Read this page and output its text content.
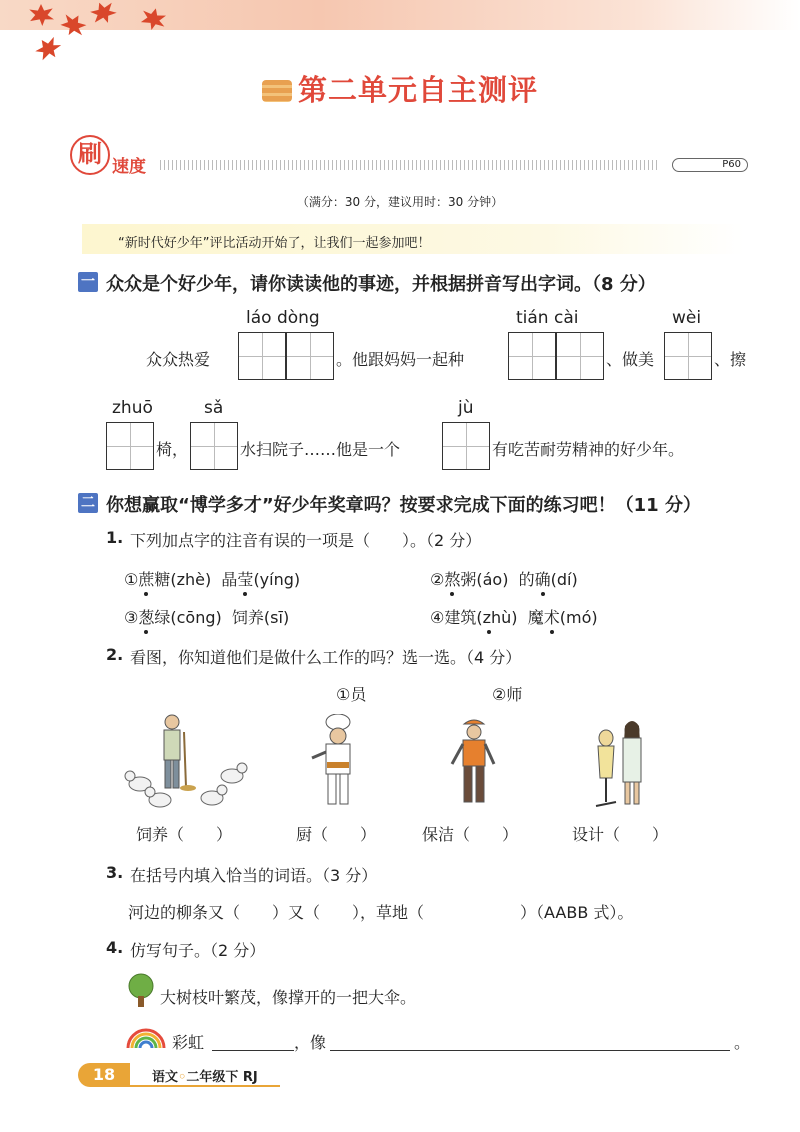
第二单元自主测评
刷 速度	P60
（满分：30 分，建议用时：30 分钟）
“新时代好少年”评比活动开始了，让我们一起参加吧！
一 众众是个好少年，请你读读他的事迹，并根据拼音写出字词。（8 分）
láo dòng	tián cài	wèi
众众热爱	。他跟妈妈一起种	、做美	、擦
zhuō	sǎ	jù
椅，	水扫院子……他是一个	有吃苦耐劳精神的好少年。
二 你想赢取“博学多才”好少年奖章吗？按要求完成下面的练习吧！（11 分）
1. 下列加点字的注音有误的一项是（　　）。（2 分）
①蔗糖(zhè) 晶莹(yíng)	②熬粥(áo) 的确(dí)
③葱绿(cōng) 饲养(sī)	④建筑(zhù) 魔术(mó)
2. 看图，你知道他们是做什么工作的吗？选一选。（4 分）
①员	②师
饲养（　　）	厨（　　）	保洁（　　）	设计（　　）
3. 在括号内填入恰当的词语。（3 分）
河边的柳条又（　　）又（　　），草地（　　　　　　）（AABB 式）。
4. 仿写句子。（2 分）
大树枝叶繁茂，像撑开的一把大伞。
彩虹	，像	。
18	语文◦二年级下 RJ
